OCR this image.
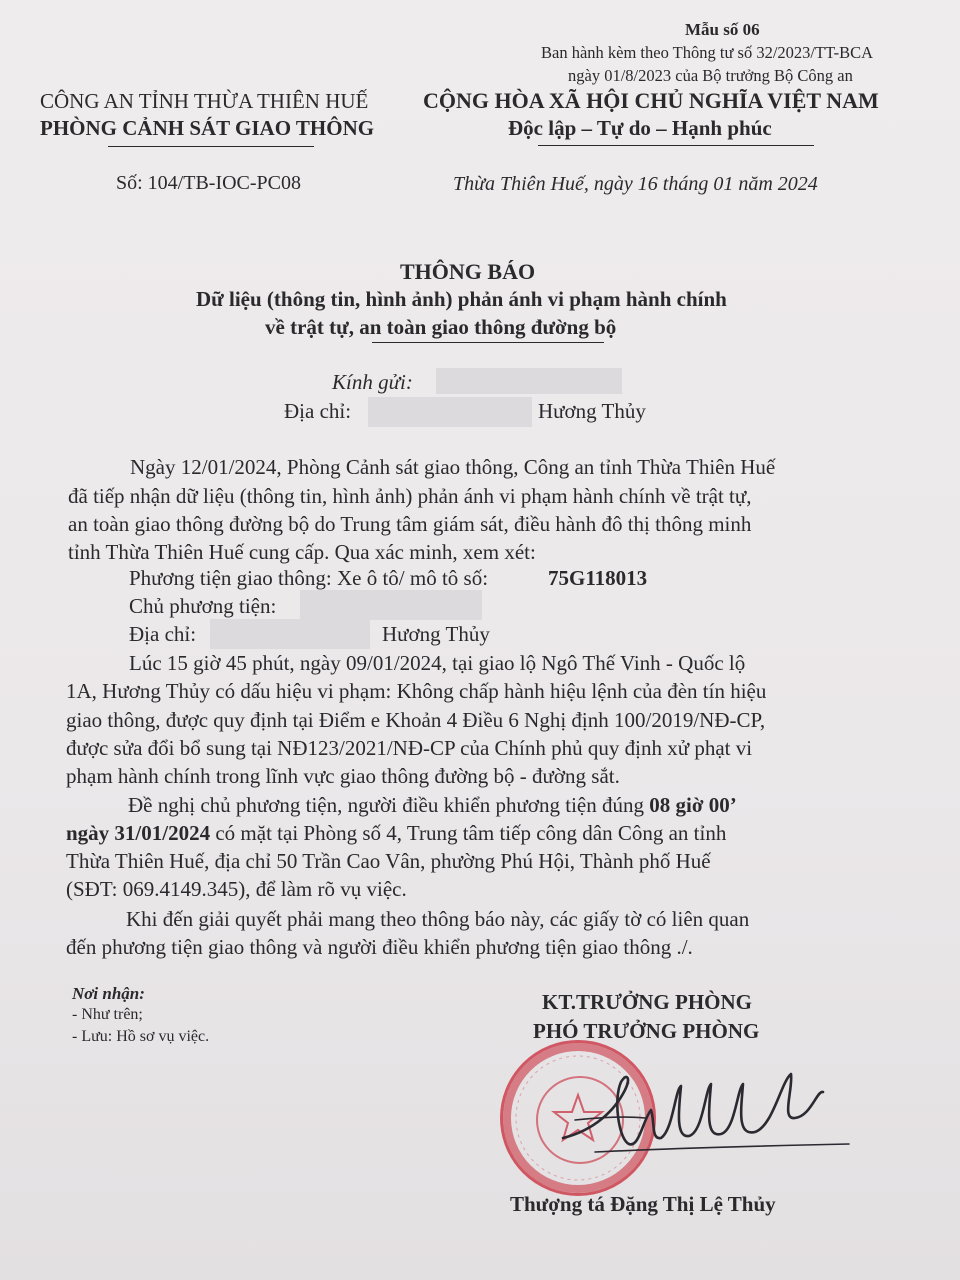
Mẫu số 06
Ban hành kèm theo Thông tư số 32/2023/TT-BCA
ngày 01/8/2023 của Bộ trưởng Bộ Công an
CÔNG AN TỈNH THỪA THIÊN HUẾ
PHÒNG CẢNH SÁT GIAO THÔNG
Số: 104/TB-IOC-PC08
CỘNG HÒA XÃ HỘI CHỦ NGHĨA VIỆT NAM
Độc lập – Tự do – Hạnh phúc
Thừa Thiên Huế, ngày 16 tháng 01 năm 2024
THÔNG BÁO
Dữ liệu (thông tin, hình ảnh) phản ánh vi phạm hành chính
về trật tự, an toàn giao thông đường bộ
Kính gửi:
Địa chỉ:	Hương Thủy
Ngày 12/01/2024, Phòng Cảnh sát giao thông, Công an tỉnh Thừa Thiên Huế
đã tiếp nhận dữ liệu (thông tin, hình ảnh) phản ánh vi phạm hành chính về trật tự,
an toàn giao thông đường bộ do Trung tâm giám sát, điều hành đô thị thông minh
tỉnh Thừa Thiên Huế cung cấp. Qua xác minh, xem xét:
Phương tiện giao thông: Xe ô tô/ mô tô số:	75G118013
Chủ phương tiện:
Địa chỉ:	Hương Thủy
Lúc 15 giờ 45 phút, ngày 09/01/2024, tại giao lộ Ngô Thế Vinh - Quốc lộ
1A, Hương Thủy có dấu hiệu vi phạm: Không chấp hành hiệu lệnh của đèn tín hiệu
giao thông, được quy định tại Điểm e Khoản 4 Điều 6 Nghị định 100/2019/NĐ-CP,
được sửa đổi bổ sung tại NĐ123/2021/NĐ-CP của Chính phủ quy định xử phạt vi
phạm hành chính trong lĩnh vực giao thông đường bộ - đường sắt.
Đề nghị chủ phương tiện, người điều khiển phương tiện đúng 08 giờ 00’
ngày 31/01/2024 có mặt tại Phòng số 4, Trung tâm tiếp công dân Công an tỉnh
Thừa Thiên Huế, địa chỉ 50 Trần Cao Vân, phường Phú Hội, Thành phố Huế
(SĐT: 069.4149.345), để làm rõ vụ việc.
Khi đến giải quyết phải mang theo thông báo này, các giấy tờ có liên quan
đến phương tiện giao thông và người điều khiển phương tiện giao thông ./.
Nơi nhận:
- Như trên;
- Lưu: Hồ sơ vụ việc.
KT.TRƯỞNG PHÒNG
PHÓ TRƯỞNG PHÒNG
Thượng tá Đặng Thị Lệ Thủy
